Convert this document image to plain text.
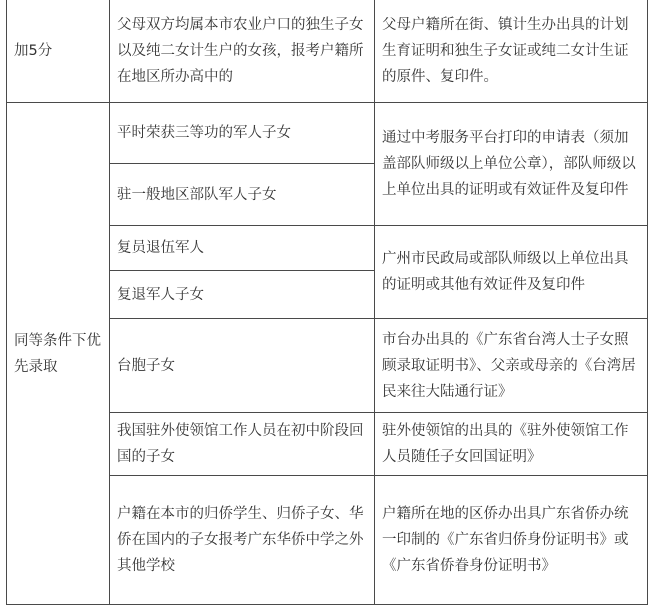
加5分	父母双方均属本市农业户口的独生子女以及纯二女计生户的女孩，报考户籍所在地区所办高中的	父母户籍所在街、镇计生办出具的计划生育证明和独生子女证或纯二女计生证的原件、复印件。
同等条件下优先录取	平时荣获三等功的军人子女	通过中考服务平台打印的申请表（须加盖部队师级以上单位公章），部队师级以上单位出具的证明或有效证件及复印件
	驻一般地区部队军人子女	
	复员退伍军人	广州市民政局或部队师级以上单位出具的证明或其他有效证件及复印件
	复退军人子女	
	台胞子女	市台办出具的《广东省台湾人士子女照顾录取证明书》、父亲或母亲的《台湾居民来往大陆通行证》
	我国驻外使领馆工作人员在初中阶段回国的子女	驻外使领馆的出具的《驻外使领馆工作人员随任子女回国证明》
	户籍在本市的归侨学生、归侨子女、华侨在国内的子女报考广东华侨中学之外其他学校	户籍所在地的区侨办出具广东省侨办统一印制的《广东省归侨身份证明书》或《广东省侨眷身份证明书》
